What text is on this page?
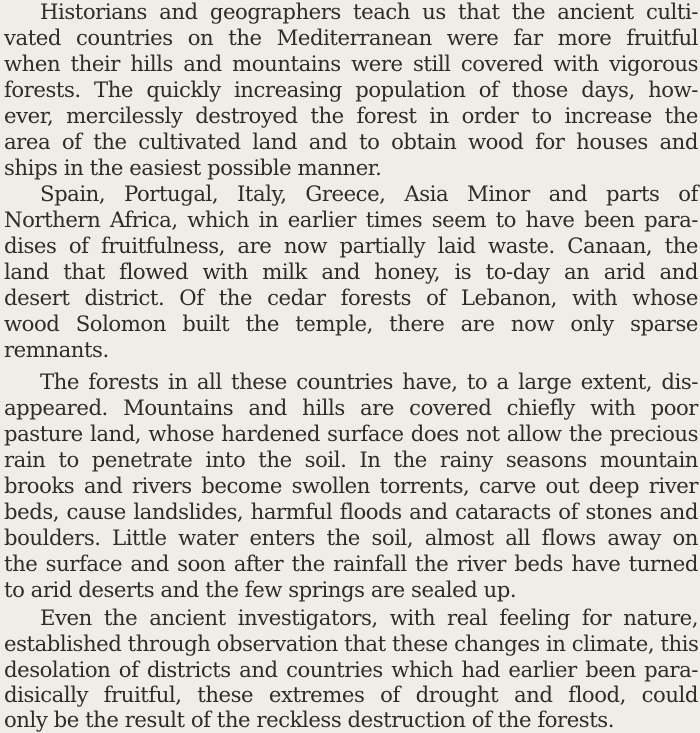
Historians and geographers teach us that the ancient culti-
vated countries on the Mediterranean were far more fruitful
when their hills and mountains were still covered with vigorous
forests. The quickly increasing population of those days, how-
ever, mercilessly destroyed the forest in order to increase the
area of the cultivated land and to obtain wood for houses and
ships in the easiest possible manner.
Spain, Portugal, Italy, Greece, Asia Minor and parts of
Northern Africa, which in earlier times seem to have been para-
dises of fruitfulness, are now partially laid waste. Canaan, the
land that flowed with milk and honey, is to-day an arid and
desert district. Of the cedar forests of Lebanon, with whose
wood Solomon built the temple, there are now only sparse
remnants.
The forests in all these countries have, to a large extent, dis-
appeared. Mountains and hills are covered chiefly with poor
pasture land, whose hardened surface does not allow the precious
rain to penetrate into the soil. In the rainy seasons mountain
brooks and rivers become swollen torrents, carve out deep river
beds, cause landslides, harmful floods and cataracts of stones and
boulders. Little water enters the soil, almost all flows away on
the surface and soon after the rainfall the river beds have turned
to arid deserts and the few springs are sealed up.
Even the ancient investigators, with real feeling for nature,
established through observation that these changes in climate, this
desolation of districts and countries which had earlier been para-
disically fruitful, these extremes of drought and flood, could
only be the result of the reckless destruction of the forests.
